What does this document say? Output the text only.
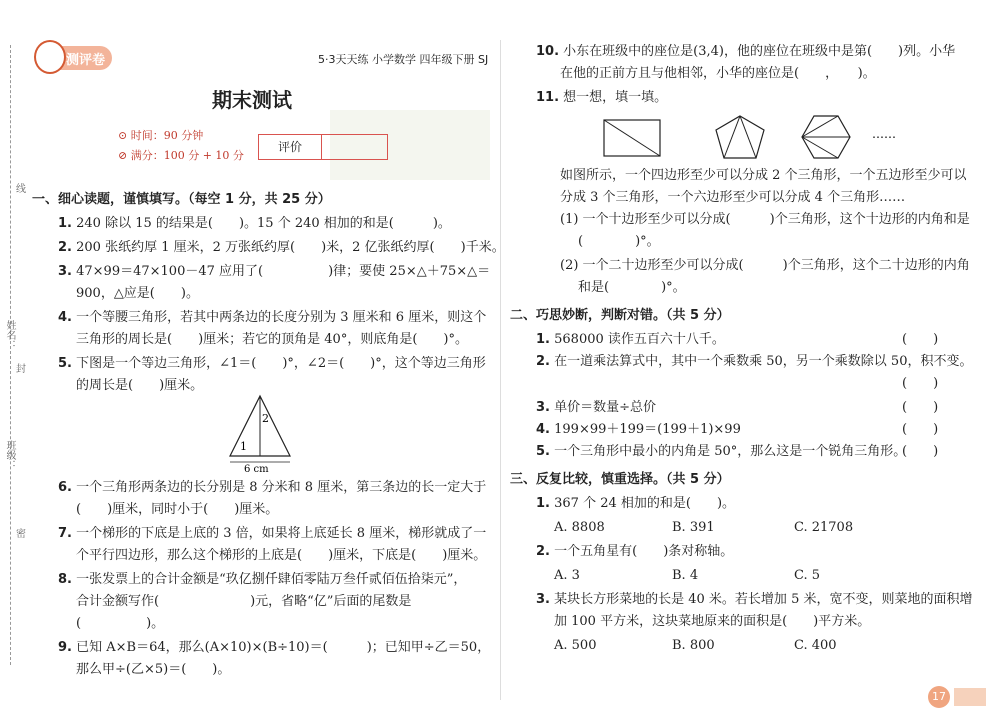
线
封
密
班级：
姓名：
测评卷	5·3天天练 小学数学 四年级下册 SJ
期末测试
⊙ 时间：90 分钟
⊘ 满分：100 分 + 10 分
评价
一、细心读题，谨慎填写。（每空 1 分，共 25 分）
1. 240 除以 15 的结果是(　　)。15 个 240 相加的和是(　　　)。
2. 200 张纸约厚 1 厘米，2 万张纸约厚(　　)米，2 亿张纸约厚(　　)千米。
3. 47×99＝47×100－47 应用了(　　　　　)律；要使 25×△＋75×△＝
900，△应是(　　)。
4. 一个等腰三角形，若其中两条边的长度分别为 3 厘米和 6 厘米，则这个
三角形的周长是(　　)厘米；若它的顶角是 40°，则底角是(　　)°。
5. 下图是一个等边三角形，∠1＝(　　)°，∠2＝(　　)°，这个等边三角形
的周长是(　　)厘米。
1
2
6 cm
6. 一个三角形两条边的长分别是 8 分米和 8 厘米，第三条边的长一定大于
(　　)厘米，同时小于(　　)厘米。
7. 一个梯形的下底是上底的 3 倍，如果将上底延长 8 厘米，梯形就成了一
个平行四边形，那么这个梯形的上底是(　　)厘米，下底是(　　)厘米。
8. 一张发票上的合计金额是“玖亿捌仟肆佰零陆万叁仟贰佰伍拾柒元”，
合计金额写作(　　　　　　　)元，省略“亿”后面的尾数是
(　　　　　)。
9. 已知 A×B＝64，那么(A×10)×(B÷10)＝(　　　)；已知甲÷乙＝50，
那么甲÷(乙×5)＝(　　)。
10. 小东在班级中的座位是(3,4)，他的座位在班级中是第(　　)列。小华
在他的正前方且与他相邻，小华的座位是(　　，　　)。
11. 想一想，填一填。
……
如图所示，一个四边形至少可以分成 2 个三角形，一个五边形至少可以
分成 3 个三角形，一个六边形至少可以分成 4 个三角形……
(1) 一个十边形至少可以分成(　　　)个三角形，这个十边形的内角和是
(　　　　)°。
(2) 一个二十边形至少可以分成(　　　)个三角形，这个二十边形的内角
和是(　　　　)°。
二、巧思妙断，判断对错。（共 5 分）
1. 568000 读作五百六十八千。	(　　)
2. 在一道乘法算式中，其中一个乘数乘 50，另一个乘数除以 50，积不变。
(　　)
3. 单价＝数量÷总价	(　　)
4. 199×99＋199＝(199＋1)×99	(　　)
5. 一个三角形中最小的内角是 50°，那么这是一个锐角三角形。
(　　)
三、反复比较，慎重选择。（共 5 分）
1. 367 个 24 相加的和是(　　)。
A. 8808	B. 391	C. 21708
2. 一个五角星有(　　)条对称轴。
A. 3	B. 4	C. 5
3. 某块长方形菜地的长是 40 米。若长增加 5 米，宽不变，则菜地的面积增
加 100 平方米，这块菜地原来的面积是(　　)平方米。
A. 500	B. 800	C. 400
17
